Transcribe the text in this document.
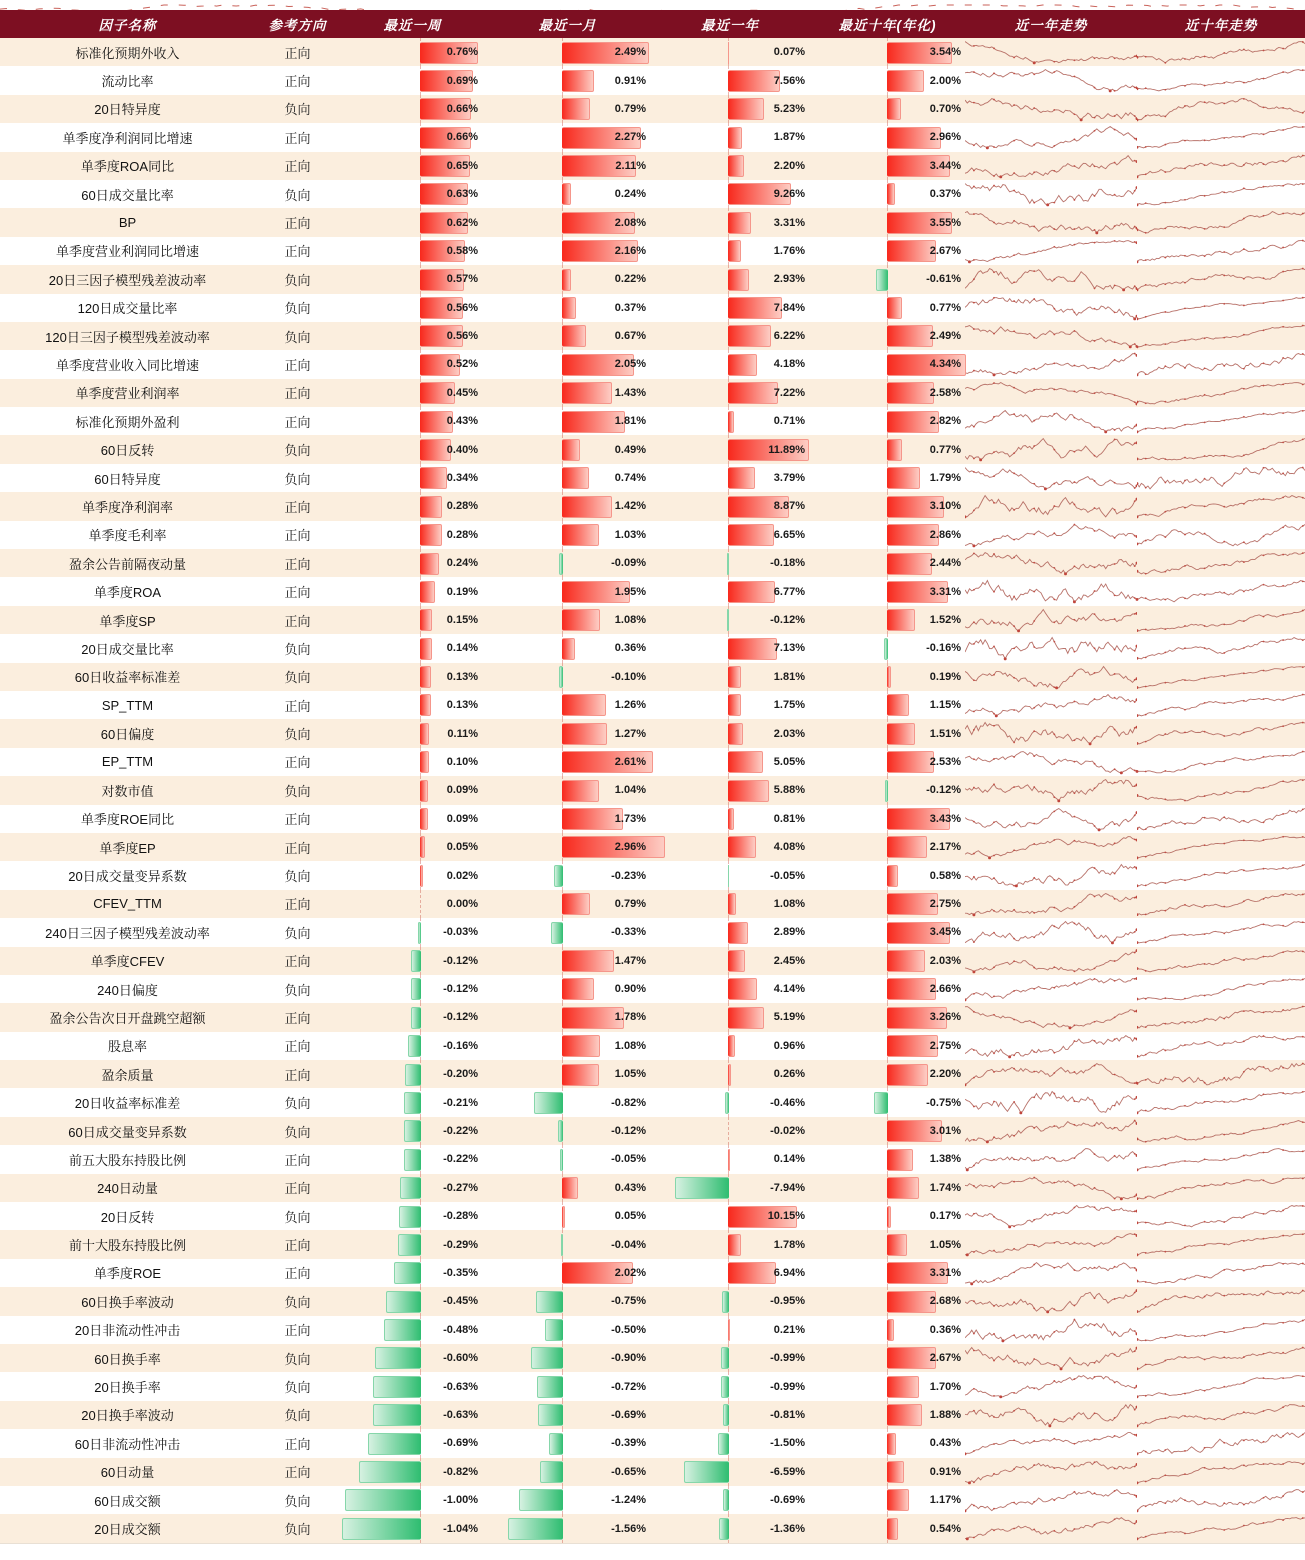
因子名称	参考方向	最近一周	最近一月	最近一年	最近十年(年化)	近一年走势	近十年走势
标准化预期外收入	正向	0.76%	2.49%	0.07%	3.54%
流动比率	正向	0.69%	0.91%	7.56%	2.00%
20日特异度	负向	0.66%	0.79%	5.23%	0.70%
单季度净利润同比增速	正向	0.66%	2.27%	1.87%	2.96%
单季度ROA同比	正向	0.65%	2.11%	2.20%	3.44%
60日成交量比率	负向	0.63%	0.24%	9.26%	0.37%
BP	正向	0.62%	2.08%	3.31%	3.55%
单季度营业利润同比增速	正向	0.58%	2.16%	1.76%	2.67%
20日三因子模型残差波动率	负向	0.57%	0.22%	2.93%	-0.61%
120日成交量比率	负向	0.56%	0.37%	7.84%	0.77%
120日三因子模型残差波动率	负向	0.56%	0.67%	6.22%	2.49%
单季度营业收入同比增速	正向	0.52%	2.05%	4.18%	4.34%
单季度营业利润率	正向	0.45%	1.43%	7.22%	2.58%
标准化预期外盈利	正向	0.43%	1.81%	0.71%	2.82%
60日反转	负向	0.40%	0.49%	11.89%	0.77%
60日特异度	负向	0.34%	0.74%	3.79%	1.79%
单季度净利润率	正向	0.28%	1.42%	8.87%	3.10%
单季度毛利率	正向	0.28%	1.03%	6.65%	2.86%
盈余公告前隔夜动量	正向	0.24%	-0.09%	-0.18%	2.44%
单季度ROA	正向	0.19%	1.95%	6.77%	3.31%
单季度SP	正向	0.15%	1.08%	-0.12%	1.52%
20日成交量比率	负向	0.14%	0.36%	7.13%	-0.16%
60日收益率标准差	负向	0.13%	-0.10%	1.81%	0.19%
SP_TTM	正向	0.13%	1.26%	1.75%	1.15%
60日偏度	负向	0.11%	1.27%	2.03%	1.51%
EP_TTM	正向	0.10%	2.61%	5.05%	2.53%
对数市值	负向	0.09%	1.04%	5.88%	-0.12%
单季度ROE同比	正向	0.09%	1.73%	0.81%	3.43%
单季度EP	正向	0.05%	2.96%	4.08%	2.17%
20日成交量变异系数	负向	0.02%	-0.23%	-0.05%	0.58%
CFEV_TTM	正向	0.00%	0.79%	1.08%	2.75%
240日三因子模型残差波动率	负向	-0.03%	-0.33%	2.89%	3.45%
单季度CFEV	正向	-0.12%	1.47%	2.45%	2.03%
240日偏度	负向	-0.12%	0.90%	4.14%	2.66%
盈余公告次日开盘跳空超额	正向	-0.12%	1.78%	5.19%	3.26%
股息率	正向	-0.16%	1.08%	0.96%	2.75%
盈余质量	正向	-0.20%	1.05%	0.26%	2.20%
20日收益率标准差	负向	-0.21%	-0.82%	-0.46%	-0.75%
60日成交量变异系数	负向	-0.22%	-0.12%	-0.02%	3.01%
前五大股东持股比例	正向	-0.22%	-0.05%	0.14%	1.38%
240日动量	正向	-0.27%	0.43%	-7.94%	1.74%
20日反转	负向	-0.28%	0.05%	10.15%	0.17%
前十大股东持股比例	正向	-0.29%	-0.04%	1.78%	1.05%
单季度ROE	正向	-0.35%	2.02%	6.94%	3.31%
60日换手率波动	负向	-0.45%	-0.75%	-0.95%	2.68%
20日非流动性冲击	正向	-0.48%	-0.50%	0.21%	0.36%
60日换手率	负向	-0.60%	-0.90%	-0.99%	2.67%
20日换手率	负向	-0.63%	-0.72%	-0.99%	1.70%
20日换手率波动	负向	-0.63%	-0.69%	-0.81%	1.88%
60日非流动性冲击	正向	-0.69%	-0.39%	-1.50%	0.43%
60日动量	正向	-0.82%	-0.65%	-6.59%	0.91%
60日成交额	负向	-1.00%	-1.24%	-0.69%	1.17%
20日成交额	负向	-1.04%	-1.56%	-1.36%	0.54%
